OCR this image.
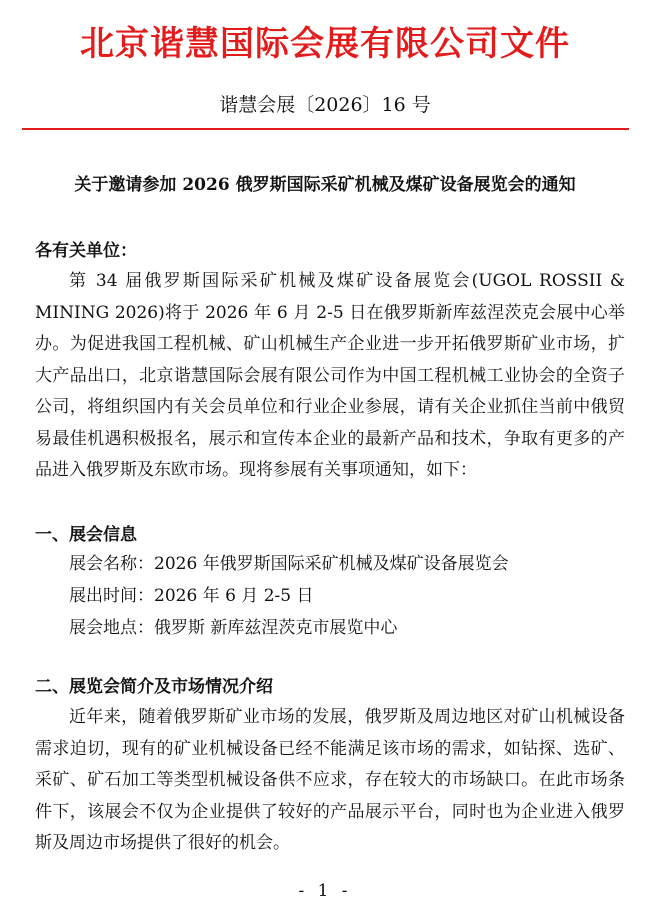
北京谐慧国际会展有限公司文件
谐慧会展〔2026〕16 号
关于邀请参加 2026 俄罗斯国际采矿机械及煤矿设备展览会的通知
各有关单位：

第 34 届俄罗斯国际采矿机械及煤矿设备展览会(UGOL ROSSII & MINING 2026)将于 2026 年 6 月 2-5 日在俄罗斯新库兹涅茨克会展中心举办。为促进我国工程机械、矿山机械生产企业进一步开拓俄罗斯矿业市场，扩大产品出口，北京谐慧国际会展有限公司作为中国工程机械工业协会的全资子公司，将组织国内有关会员单位和行业企业参展，请有关企业抓住当前中俄贸易最佳机遇积极报名，展示和宣传本企业的最新产品和技术，争取有更多的产品进入俄罗斯及东欧市场。现将参展有关事项通知，如下：

一、展会信息
展会名称：2026 年俄罗斯国际采矿机械及煤矿设备展览会
展出时间：2026 年 6 月 2-5 日
展会地点：俄罗斯 新库兹涅茨克市展览中心
二、展览会简介及市场情况介绍

近年来，随着俄罗斯矿业市场的发展，俄罗斯及周边地区对矿山机械设备需求迫切，现有的矿业机械设备已经不能满足该市场的需求，如钻探、选矿、采矿、矿石加工等类型机械设备供不应求，存在较大的市场缺口。在此市场条件下，该展会不仅为企业提供了较好的产品展示平台，同时也为企业进入俄罗斯及周边市场提供了很好的机会。

- 1 -
